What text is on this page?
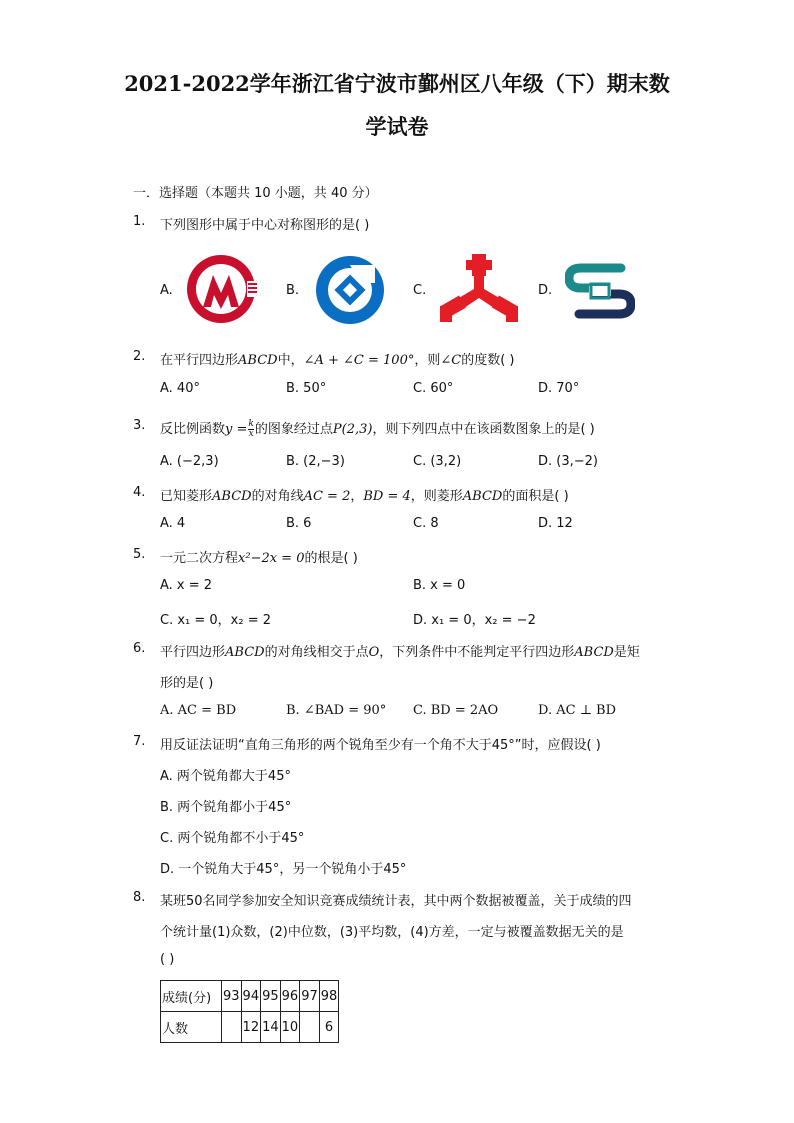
2021-2022学年浙江省宁波市鄞州区八年级（下）期末数
学试卷
一．选择题（本题共 10 小题，共 40 分）
1. 下列图形中属于中心对称图形的是( )
A.	B.	C.	D.
2. 在平行四边形ABCD中，∠A + ∠C = 100°，则∠C的度数( )
A. 40°	B. 50°	C. 60°	D. 70°
3. 反比例函数$y = \frac{k}{x}$ 的图象经过点P(2,3)，则下列四点中在该函数图象上的是( )
A. (−2,3)	B. (2,−3)	C. (3,2)	D. (3,−2)
4. 已知菱形ABCD的对角线AC = 2，BD = 4，则菱形ABCD的面积是( )
A. 4	B. 6	C. 8	D. 12
5. 一元二次方程x²−2x = 0的根是( )
A. x = 2	B. x = 0
C. x₁ = 0，x₂ = 2	D. x₁ = 0，x₂ = −2
6. 平行四边形ABCD的对角线相交于点O，下列条件中不能判定平行四边形ABCD是矩
形的是( )
A. AC = BD	B. ∠BAD = 90° C. BD = 2AO	D. AC ⊥ BD
7. 用反证法证明“直角三角形的两个锐角至少有一个角不大于45°”时，应假设( )
A. 两个锐角都大于45°
B. 两个锐角都小于45°
C. 两个锐角都不小于45°
D. 一个锐角大于45°，另一个锐角小于45°
8. 某班50名同学参加安全知识竞赛成绩统计表，其中两个数据被覆盖，关于成绩的四
个统计量(1)众数，(2)中位数，(3)平均数，(4)方差，一定与被覆盖数据无关的是
( )
成绩(分)	93	94	95	96	97	98
人数		12	14	10		6
